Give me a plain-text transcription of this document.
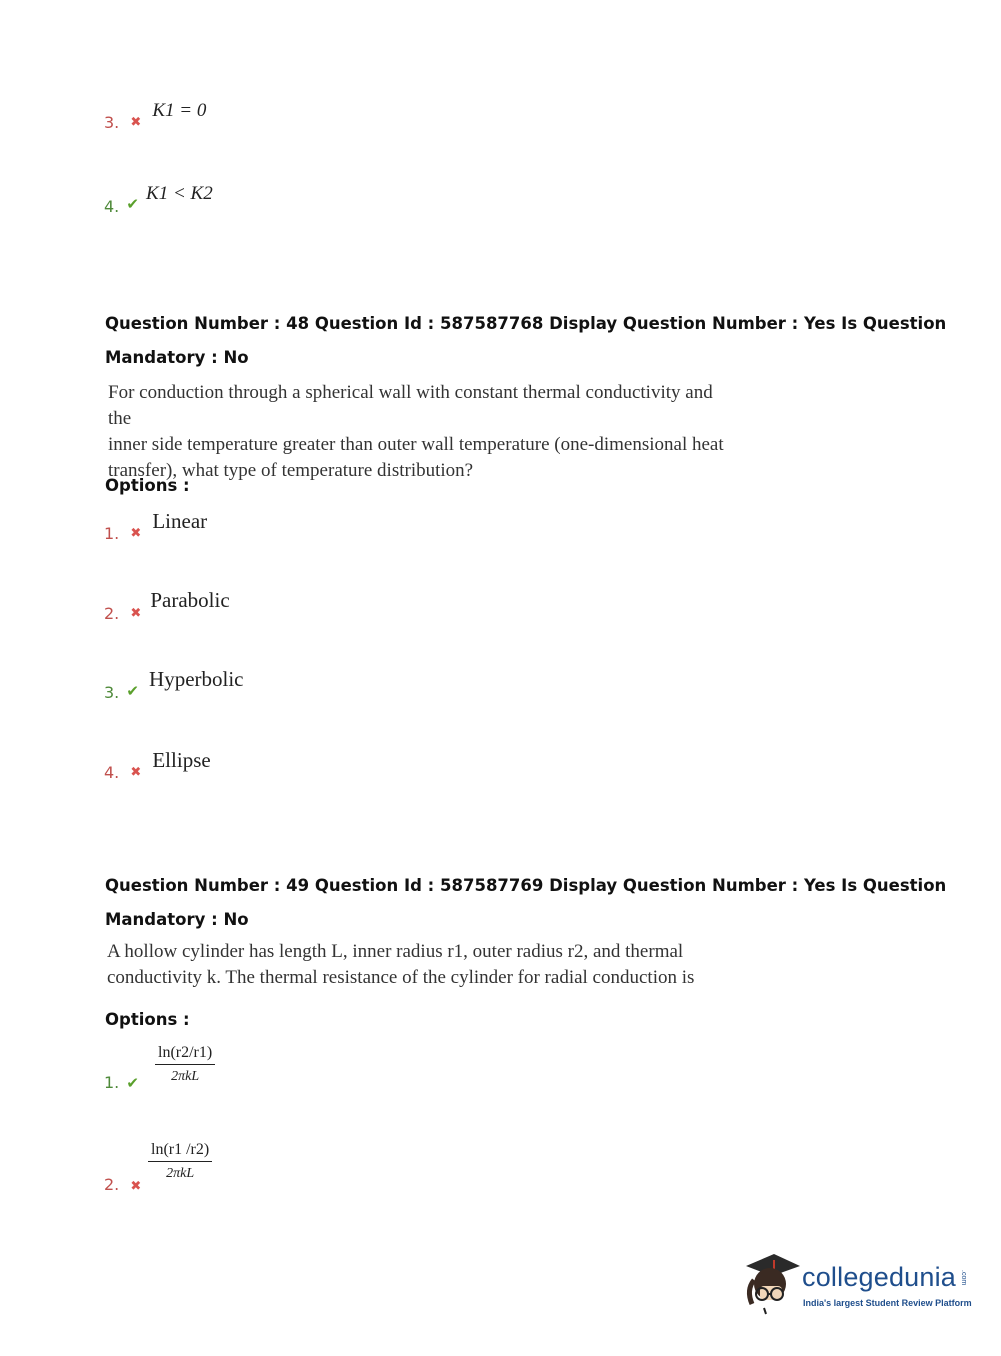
3. $_✖$ K1 = 0
4. ✔ K1 < K2
Question Number : 48 Question Id : 587587768 Display Question Number : Yes Is Question
Mandatory : No
For conduction through a spherical wall with constant thermal conductivity and the
inner side temperature greater than outer wall temperature (one-dimensional heat
transfer), what type of temperature distribution?
Options :
1. $_✖$ Linear
2. $_✖$ Parabolic
3. ✔ Hyperbolic
4. $_✖$ Ellipse
Question Number : 49 Question Id : 587587769 Display Question Number : Yes Is Question
Mandatory : No
A hollow cylinder has length L, inner radius r1, outer radius r2, and thermal
conductivity k. The thermal resistance of the cylinder for radial conduction is
Options :
1. ✔
ln(r2/r1)
2πkL
2. ✖
ln(r1 /r2)
2πkL
collegedunia .com
India's largest Student Review Platform
